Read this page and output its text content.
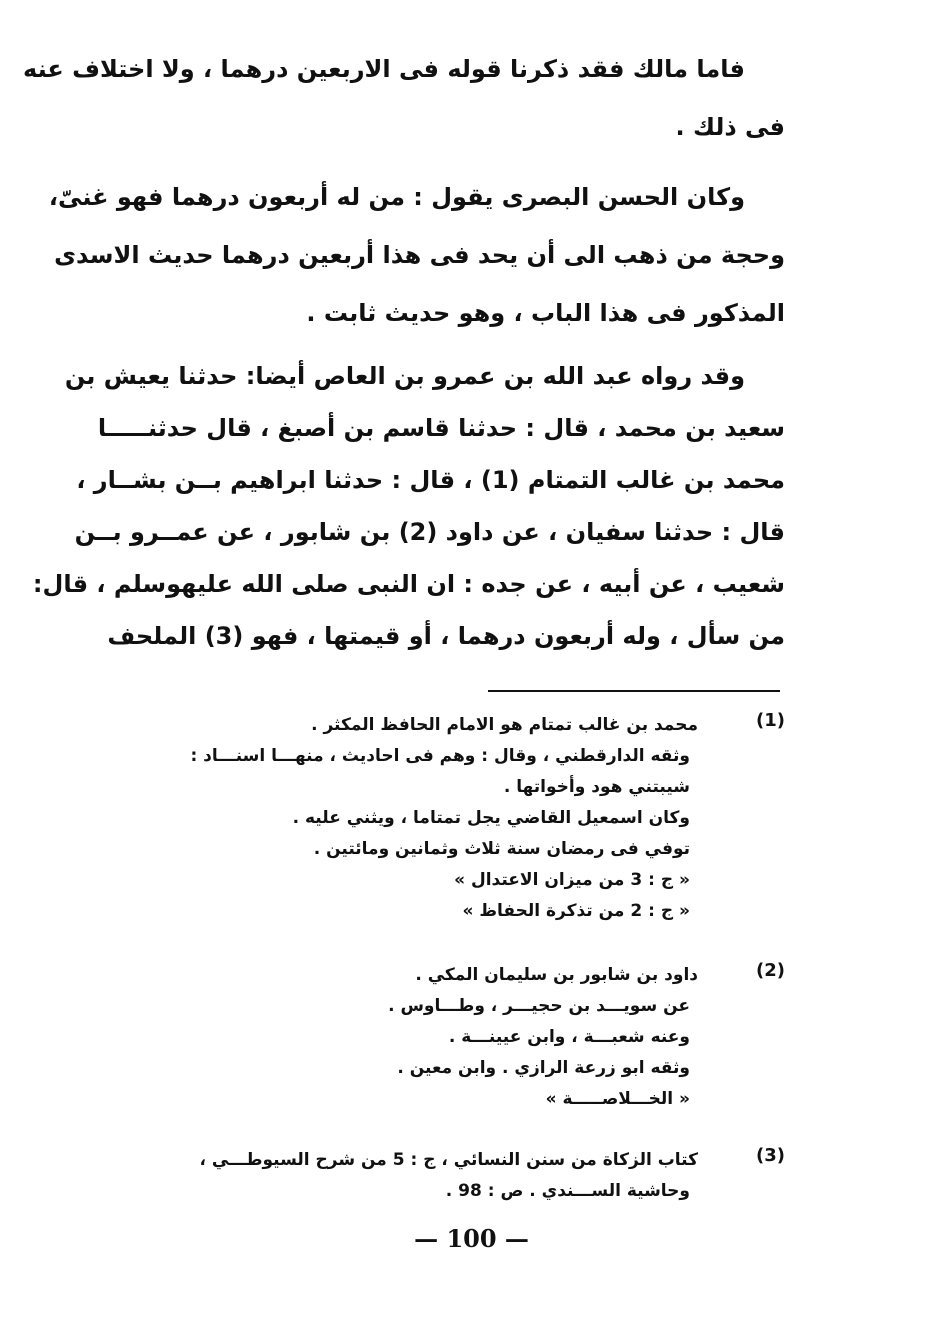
فاما مالك فقد ذكرنا قوله فى الاربعين درهما ، ولا اختلاف عنه
فى ذلك .
وكان الحسن البصرى يقول : من له أربعون درهما فهو غنىّ،
وحجة من ذهب الى أن يحد فى هذا أربعين درهما حديث الاسدى
المذكور فى هذا الباب ، وهو حديث ثابت .
وقد رواه عبد الله بن عمرو بن العاص أيضا: حدثنا يعيش بن
سعيد بن محمد ، قال : حدثنا قاسم بن أصبغ ، قال حدثنـــــا
محمد بن غالب التمتام (1) ، قال : حدثنا ابراهيم بــن بشــار ،
قال : حدثنا سفيان ، عن داود (2) بن شابور ، عن عمــرو بــن
شعيب ، عن أبيه ، عن جده : ان النبى صلى الله عليهوسلم ، قال:
من سأل ، وله أربعون درهما ، أو قيمتها ، فهو (3) الملحف
(1)
محمد بن غالب تمتام هو الامام الحافظ المكثر .
وثقه الدارقطني ، وقال : وهم فى احاديث ، منهـــا اسنـــاد :
شيبتني هود وأخواتها .
وكان اسمعيل القاضي يجل تمتاما ، ويثني عليه .
توفي فى رمضان سنة ثلاث وثمانين ومائتين .
« ج : 3 من ميزان الاعتدال »
« ج : 2 من تذكرة الحفاظ »
(2)
داود بن شابور بن سليمان المكي .
عن سويـــد بن حجيـــر ، وطـــاوس .
وعنه شعبـــة ، وابن عيينـــة .
وثقه ابو زرعة الرازي . وابن معين .
« الخـــلاصـــــة »
(3)
كتاب الزكاة من سنن النسائي ، ج : 5 من شرح السيوطـــي ،
وحاشية الســـندي . ص : 98 .
— 100 —
